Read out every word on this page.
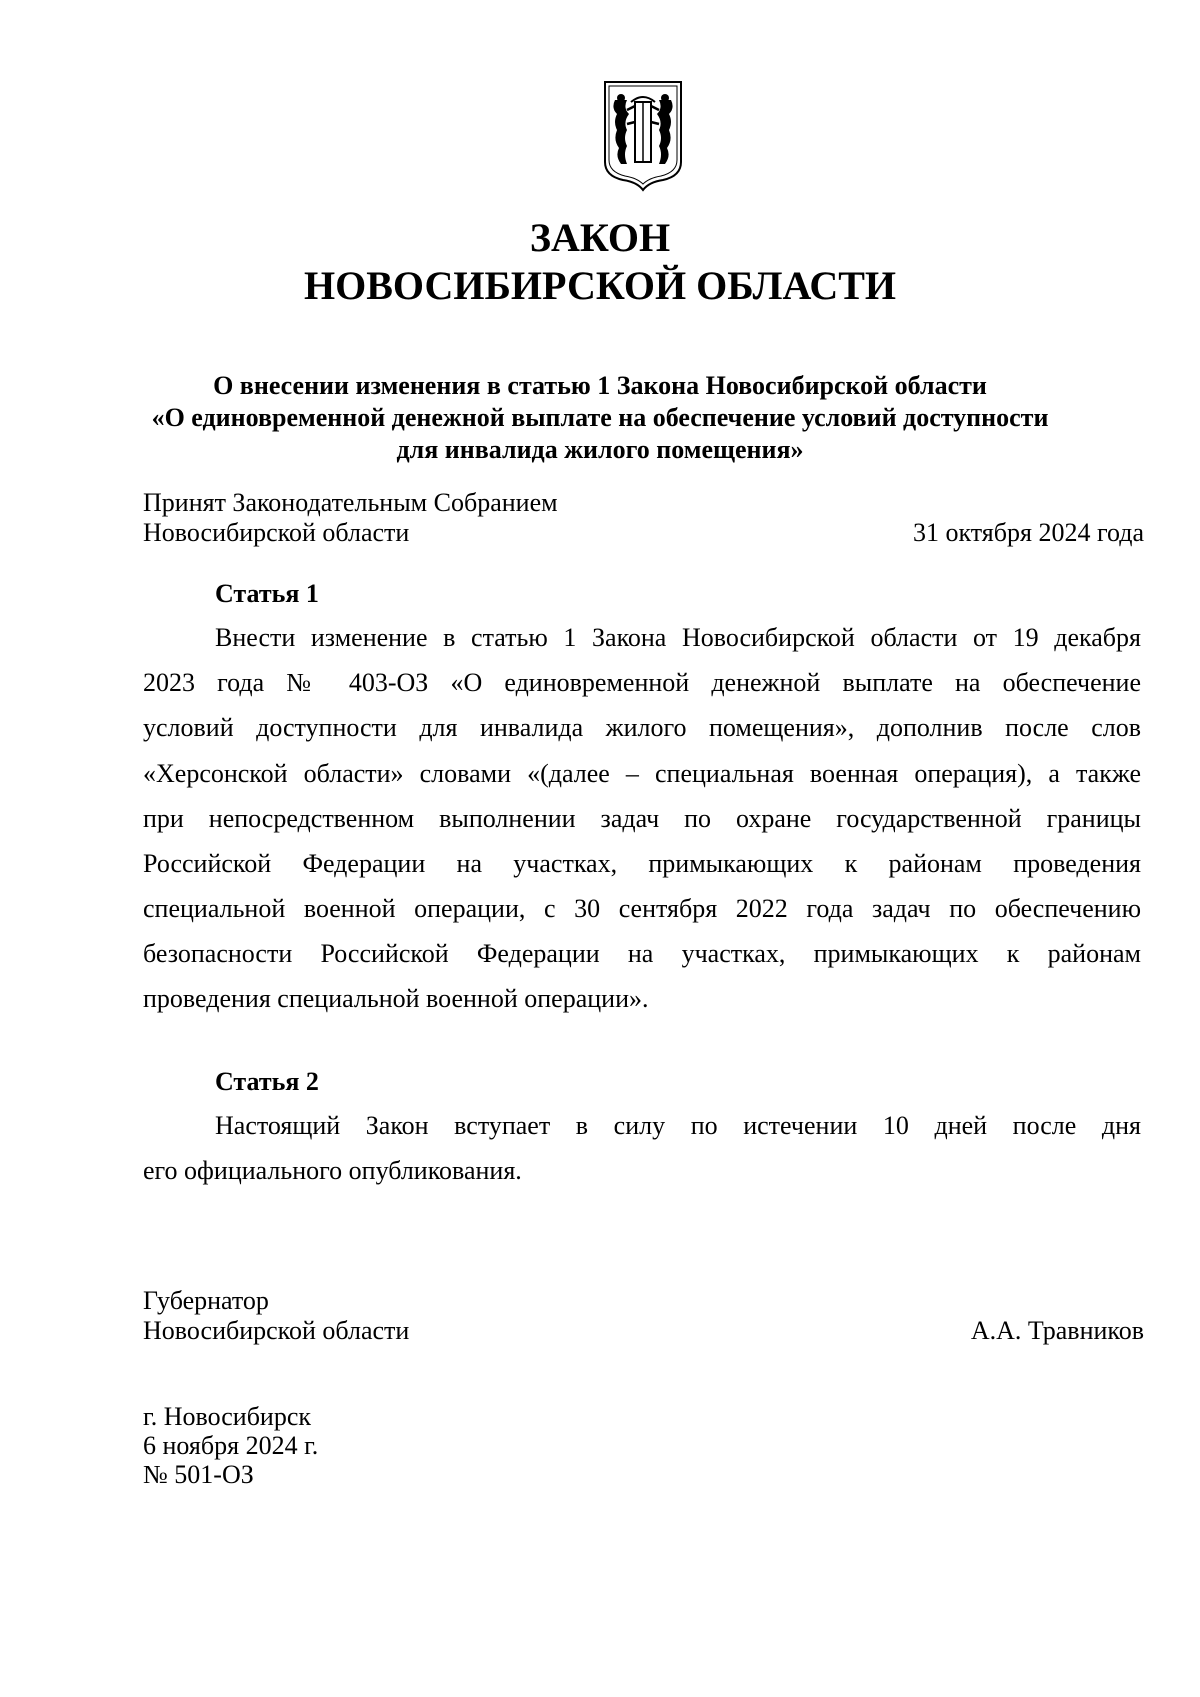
ЗАКОН
НОВОСИБИРСКОЙ ОБЛАСТИ
О внесении изменения в статью 1 Закона Новосибирской области
«О единовременной денежной выплате на обеспечение условий доступности
для инвалида жилого помещения»
Принят Законодательным Собранием
Новосибирской области	31 октября 2024 года
Статья 1
Внести изменение в статью 1 Закона Новосибирской области от 19 декабря
2023 года № 403-ОЗ «О единовременной денежной выплате на обеспечение
условий доступности для инвалида жилого помещения», дополнив после слов
«Херсонской области» словами «(далее – специальная военная операция), а также
при непосредственном выполнении задач по охране государственной границы
Российской Федерации на участках, примыкающих к районам проведения
специальной военной операции, с 30 сентября 2022 года задач по обеспечению
безопасности Российской Федерации на участках, примыкающих к районам
проведения специальной военной операции».
Статья 2
Настоящий Закон вступает в силу по истечении 10 дней после дня
его официального опубликования.
Губернатор
Новосибирской области	А.А. Травников
г. Новосибирск
6 ноября 2024 г.
№ 501-ОЗ
